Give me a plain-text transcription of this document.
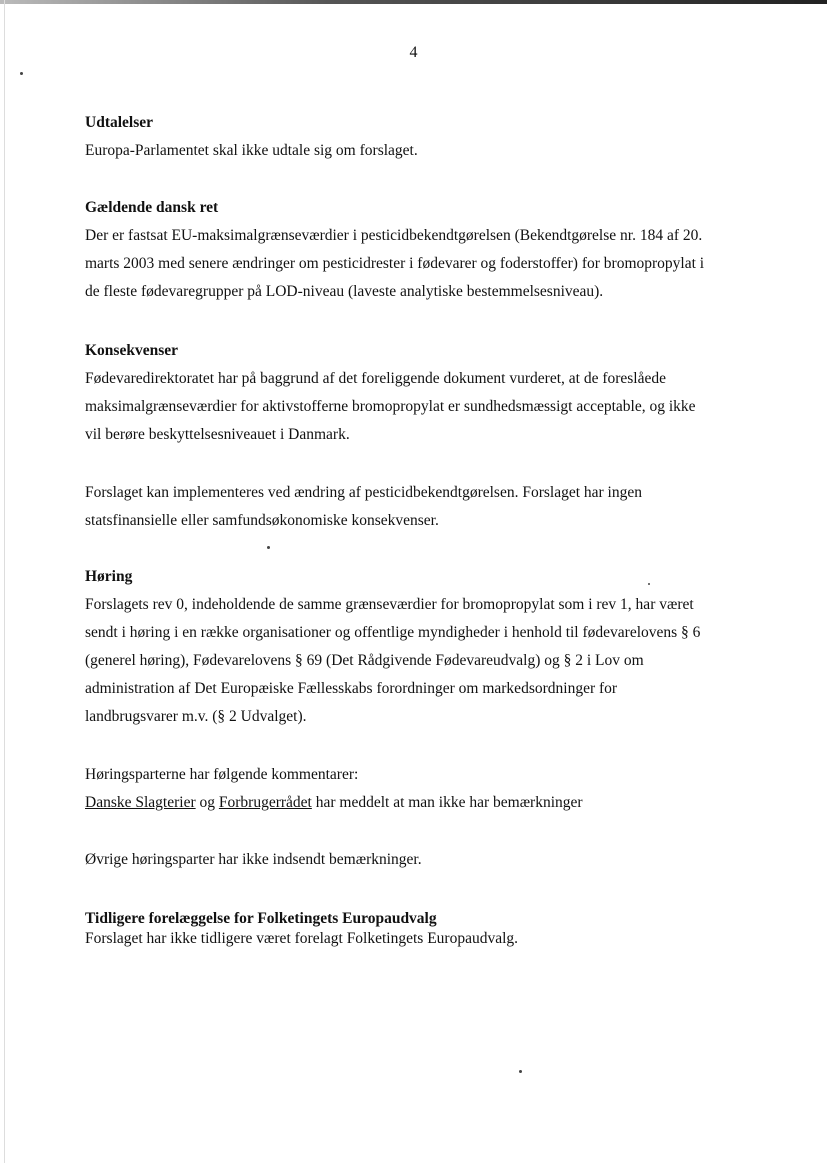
4
Udtalelser

Europa-Parlamentet skal ikke udtale sig om forslaget.

Gældende dansk ret

Der er fastsat EU-maksimalgrænseværdier i pesticidbekendtgørelsen (Bekendtgørelse nr. 184 af 20.

marts 2003 med senere ændringer om pesticidrester i fødevarer og foderstoffer) for bromopropylat i

de fleste fødevaregrupper på LOD-niveau (laveste analytiske bestemmelsesniveau).

Konsekvenser

Fødevaredirektoratet har på baggrund af det foreliggende dokument vurderet, at de foreslåede

maksimalgrænseværdier for aktivstofferne bromopropylat er sundhedsmæssigt acceptable, og ikke

vil berøre beskyttelsesniveauet i Danmark.

Forslaget kan implementeres ved ændring af pesticidbekendtgørelsen. Forslaget har ingen

statsfinansielle eller samfundsøkonomiske konsekvenser.

Høring

Forslagets rev 0, indeholdende de samme grænseværdier for bromopropylat som i rev 1, har været

sendt i høring i en række organisationer og offentlige myndigheder i henhold til fødevarelovens § 6

(generel høring), Fødevarelovens § 69 (Det Rådgivende Fødevareudvalg) og § 2 i Lov om

administration af Det Europæiske Fællesskabs forordninger om markedsordninger for

landbrugsvarer m.v. (§ 2 Udvalget).

Høringsparterne har følgende kommentarer:

Danske Slagterier og Forbrugerrådet har meddelt at man ikke har bemærkninger

Øvrige høringsparter har ikke indsendt bemærkninger.

Tidligere forelæggelse for Folketingets Europaudvalg

Forslaget har ikke tidligere været forelagt Folketingets Europaudvalg.
